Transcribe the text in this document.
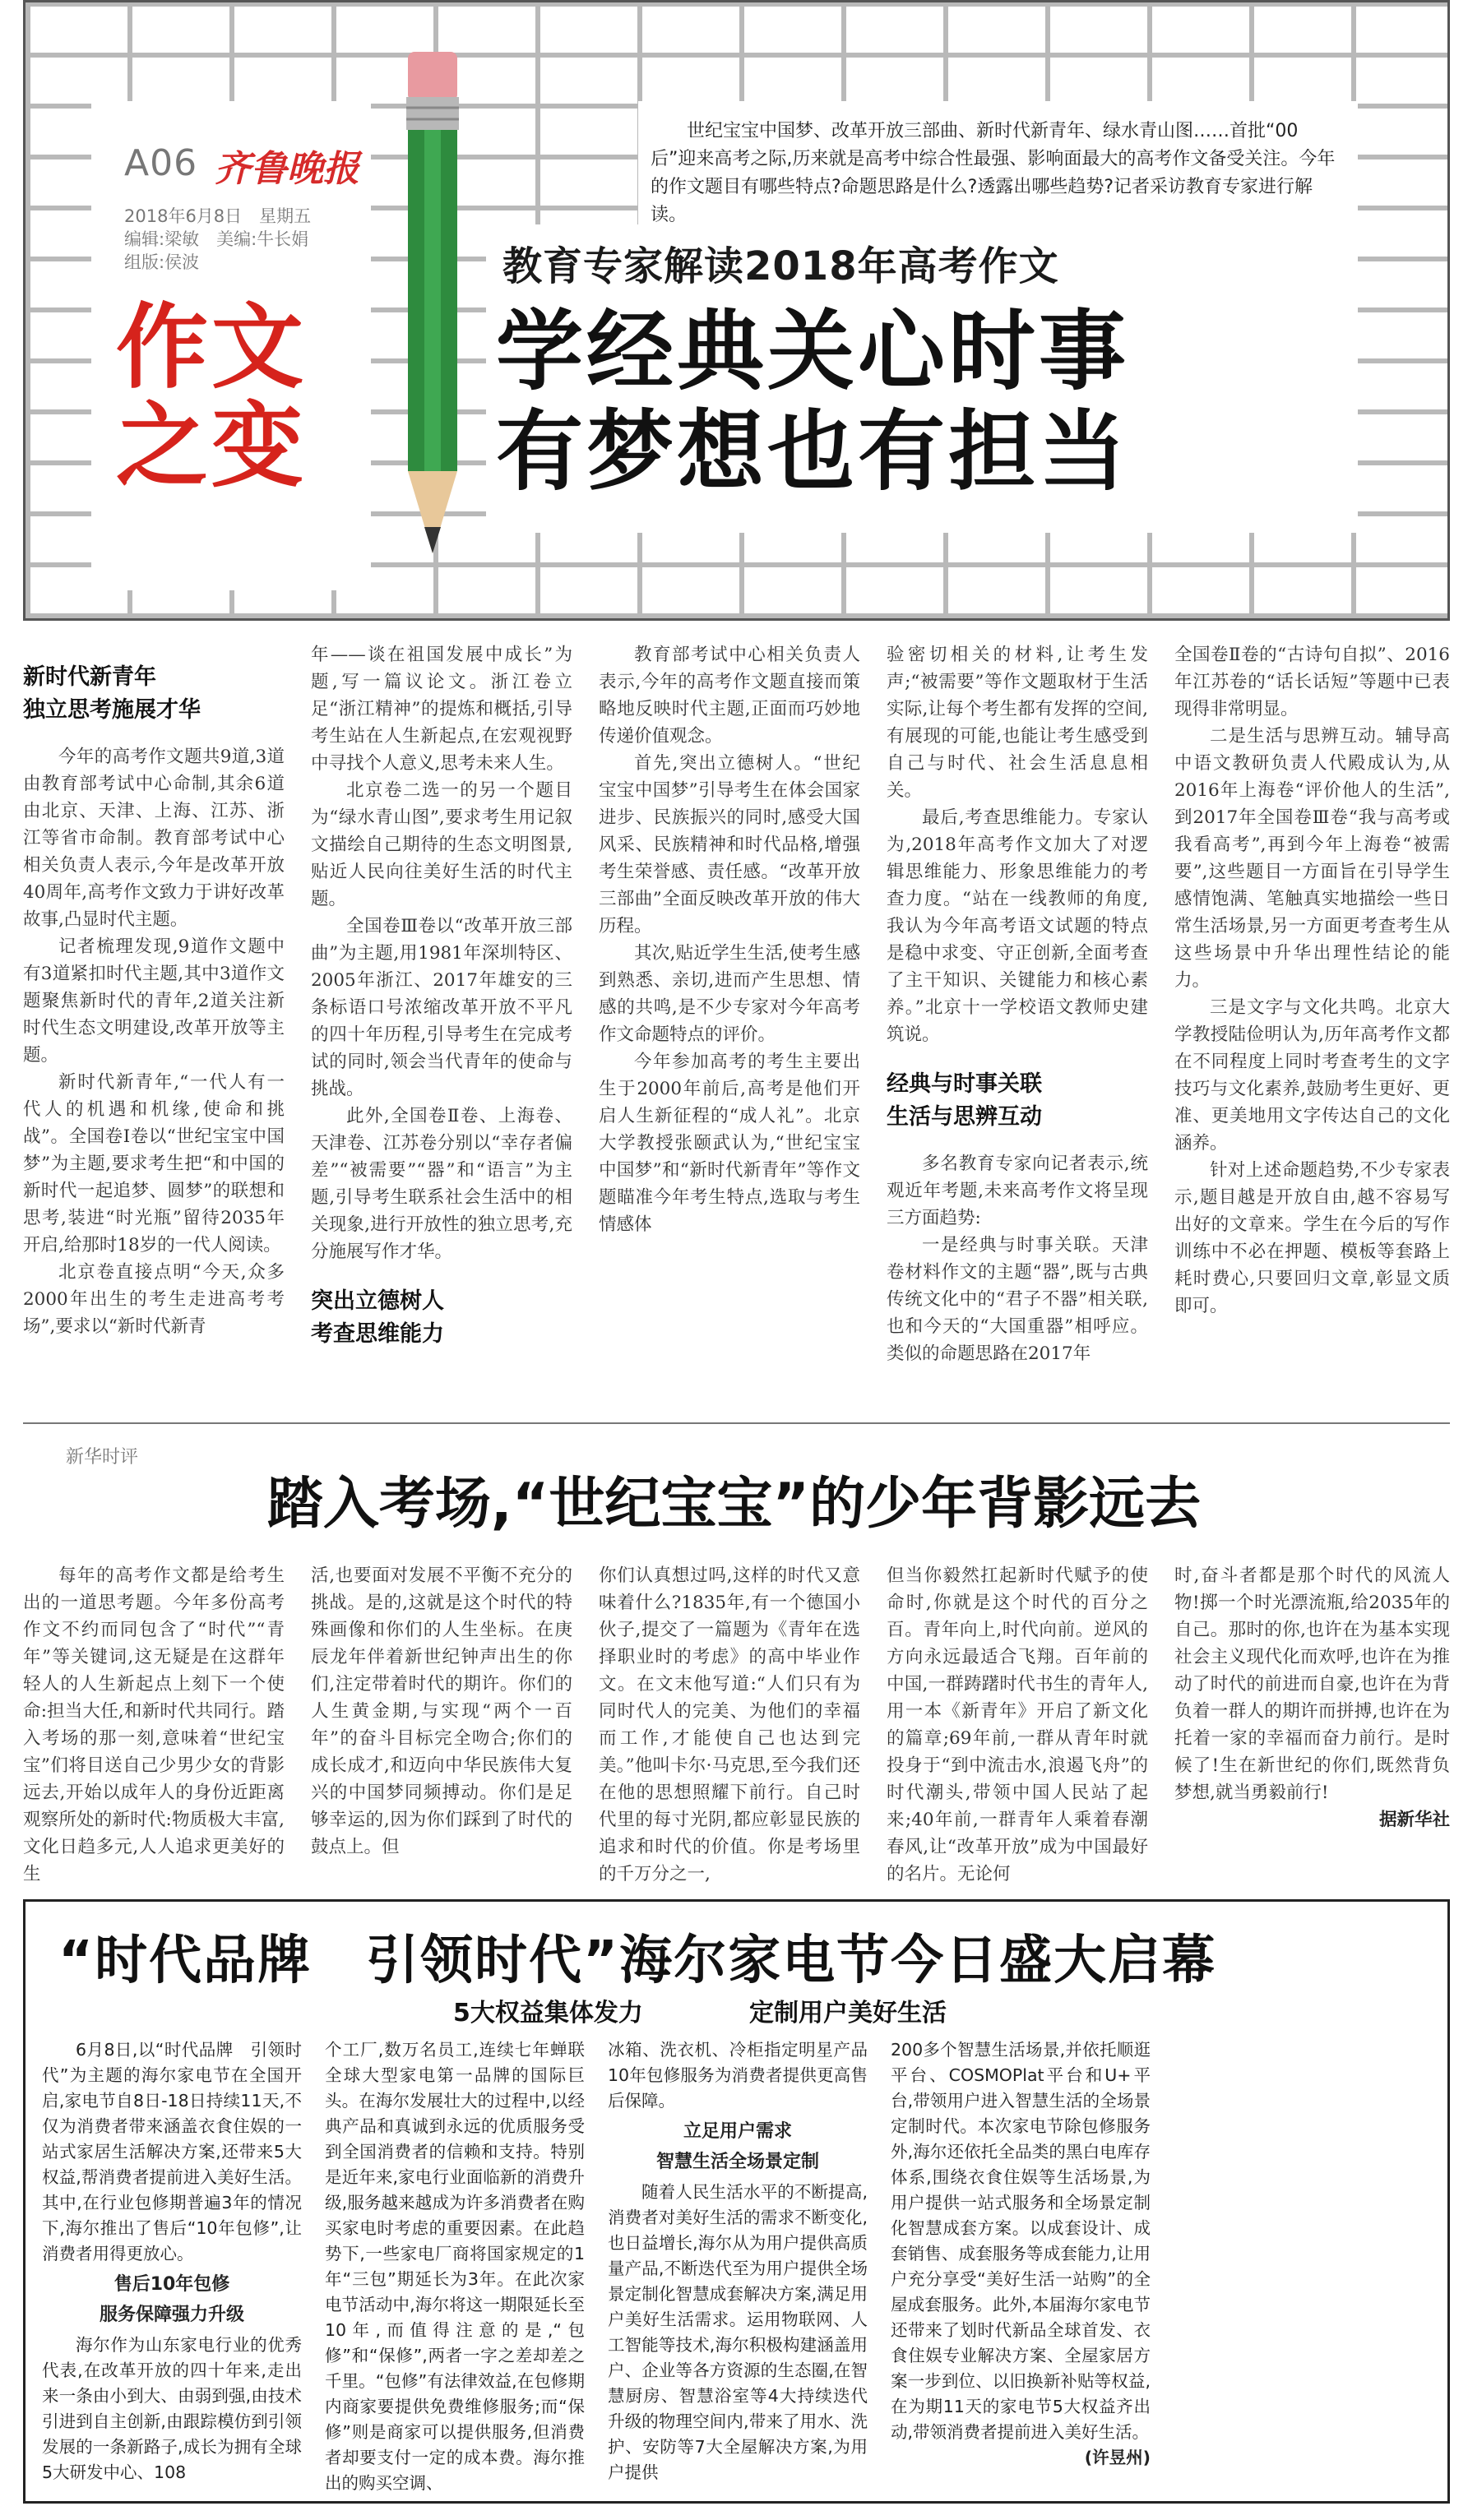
A06 齐鲁晚报
2018年6月8日　星期五
编辑:梁敏　美编:牛长娟
组版:侯波
作文
之变
世纪宝宝中国梦、改革开放三部曲、新时代新青年、绿水青山图……首批“00后”迎来高考之际,历来就是高考中综合性最强、影响面最大的高考作文备受关注。今年的作文题目有哪些特点?命题思路是什么?透露出哪些趋势?记者采访教育专家进行解读。
教育专家解读2018年高考作文
学经典关心时事
有梦想也有担当
新时代新青年
独立思考施展才华

今年的高考作文题共9道,3道由教育部考试中心命制,其余6道由北京、天津、上海、江苏、浙江等省市命制。教育部考试中心相关负责人表示,今年是改革开放40周年,高考作文致力于讲好改革故事,凸显时代主题。

记者梳理发现,9道作文题中有3道紧扣时代主题,其中3道作文题聚焦新时代的青年,2道关注新时代生态文明建设,改革开放等主题。

新时代新青年,“一代人有一代人的机遇和机缘,使命和挑战”。全国卷Ⅰ卷以“世纪宝宝中国梦”为主题,要求考生把“和中国的新时代一起追梦、圆梦”的联想和思考,装进“时光瓶”留待2035年开启,给那时18岁的一代人阅读。

北京卷直接点明“今天,众多2000年出生的考生走进高考考场”,要求以“新时代新青

年——谈在祖国发展中成长”为题,写一篇议论文。浙江卷立足“浙江精神”的提炼和概括,引导考生站在人生新起点,在宏观视野中寻找个人意义,思考未来人生。

北京卷二选一的另一个题目为“绿水青山图”,要求考生用记叙文描绘自己期待的生态文明图景,贴近人民向往美好生活的时代主题。

全国卷Ⅲ卷以“改革开放三部曲”为主题,用1981年深圳特区、2005年浙江、2017年雄安的三条标语口号浓缩改革开放不平凡的四十年历程,引导考生在完成考试的同时,领会当代青年的使命与挑战。

此外,全国卷Ⅱ卷、上海卷、天津卷、江苏卷分别以“幸存者偏差”“被需要”“器”和“语言”为主题,引导考生联系社会生活中的相关现象,进行开放性的独立思考,充分施展写作才华。

突出立德树人
考查思维能力

教育部考试中心相关负责人表示,今年的高考作文题直接而策略地反映时代主题,正面而巧妙地传递价值观念。

首先,突出立德树人。“世纪宝宝中国梦”引导考生在体会国家进步、民族振兴的同时,感受大国风采、民族精神和时代品格,增强考生荣誉感、责任感。“改革开放三部曲”全面反映改革开放的伟大历程。

其次,贴近学生生活,使考生感到熟悉、亲切,进而产生思想、情感的共鸣,是不少专家对今年高考作文命题特点的评价。

今年参加高考的考生主要出生于2000年前后,高考是他们开启人生新征程的“成人礼”。北京大学教授张颐武认为,“世纪宝宝中国梦”和“新时代新青年”等作文题瞄准今年考生特点,选取与考生情感体

验密切相关的材料,让考生发声;“被需要”等作文题取材于生活实际,让每个考生都有发挥的空间,有展现的可能,也能让考生感受到自己与时代、社会生活息息相关。

最后,考查思维能力。专家认为,2018年高考作文加大了对逻辑思维能力、形象思维能力的考查力度。“站在一线教师的角度,我认为今年高考语文试题的特点是稳中求变、守正创新,全面考查了主干知识、关键能力和核心素养。”北京十一学校语文教师史建筑说。

经典与时事关联
生活与思辨互动

多名教育专家向记者表示,统观近年考题,未来高考作文将呈现三方面趋势:

一是经典与时事关联。天津卷材料作文的主题“器”,既与古典传统文化中的“君子不器”相关联,也和今天的“大国重器”相呼应。类似的命题思路在2017年

全国卷Ⅱ卷的“古诗句自拟”、2016年江苏卷的“话长话短”等题中已表现得非常明显。

二是生活与思辨互动。辅导高中语文教研负责人代殿成认为,从2016年上海卷“评价他人的生活”,到2017年全国卷Ⅲ卷“我与高考或我看高考”,再到今年上海卷“被需要”,这些题目一方面旨在引导学生感情饱满、笔触真实地描绘一些日常生活场景,另一方面更考查考生从这些场景中升华出理性结论的能力。

三是文字与文化共鸣。北京大学教授陆俭明认为,历年高考作文都在不同程度上同时考查考生的文字技巧与文化素养,鼓励考生更好、更准、更美地用文字传达自己的文化涵养。

针对上述命题趋势,不少专家表示,题目越是开放自由,越不容易写出好的文章来。学生在今后的写作训练中不必在押题、模板等套路上耗时费心,只要回归文章,彰显文质即可。

新华时评
踏入考场,“世纪宝宝”的少年背影远去

每年的高考作文都是给考生出的一道思考题。今年多份高考作文不约而同包含了“时代”“青年”等关键词,这无疑是在这群年轻人的人生新起点上刻下一个使命:担当大任,和新时代共同行。踏入考场的那一刻,意味着“世纪宝宝”们将目送自己少男少女的背影远去,开始以成年人的身份近距离观察所处的新时代:物质极大丰富,文化日趋多元,人人追求更美好的生

活,也要面对发展不平衡不充分的挑战。是的,这就是这个时代的特殊画像和你们的人生坐标。在庚辰龙年伴着新世纪钟声出生的你们,注定带着时代的期许。你们的人生黄金期,与实现“两个一百年”的奋斗目标完全吻合;你们的成长成才,和迈向中华民族伟大复兴的中国梦同频搏动。你们是足够幸运的,因为你们踩到了时代的鼓点上。但

你们认真想过吗,这样的时代又意味着什么?1835年,有一个德国小伙子,提交了一篇题为《青年在选择职业时的考虑》的高中毕业作文。在文末他写道:“人们只有为同时代人的完美、为他们的幸福而工作,才能使自己也达到完美。”他叫卡尔·马克思,至今我们还在他的思想照耀下前行。自己时代里的每寸光阴,都应彰显民族的追求和时代的价值。你是考场里的千万分之一,

但当你毅然扛起新时代赋予的使命时,你就是这个时代的百分之百。青年向上,时代向前。逆风的方向永远最适合飞翔。百年前的中国,一群踌躇时代书生的青年人,用一本《新青年》开启了新文化的篇章;69年前,一群从青年时就投身于“到中流击水,浪遏飞舟”的时代潮头,带领中国人民站了起来;40年前,一群青年人乘着春潮春风,让“改革开放”成为中国最好的名片。无论何

时,奋斗者都是那个时代的风流人物!掷一个时光漂流瓶,给2035年的自己。那时的你,也许在为基本实现社会主义现代化而欢呼,也许在为推动了时代的前进而自豪,也许在为背负着一群人的期许而拼搏,也许在为托着一家的幸福而奋力前行。是时候了!生在新世纪的你们,既然背负梦想,就当勇毅前行!

据新华社
“时代品牌　引领时代”海尔家电节今日盛大启幕
5大权益集体发力	定制用户美好生活

6月8日,以“时代品牌　引领时代”为主题的海尔家电节在全国开启,家电节自8日-18日持续11天,不仅为消费者带来涵盖衣食住娱的一站式家居生活解决方案,还带来5大权益,帮消费者提前进入美好生活。其中,在行业包修期普遍3年的情况下,海尔推出了售后“10年包修”,让消费者用得更放心。

售后10年包修

服务保障强力升级

海尔作为山东家电行业的优秀代表,在改革开放的四十年来,走出来一条由小到大、由弱到强,由技术引进到自主创新,由跟踪模仿到引领发展的一条新路子,成长为拥有全球5大研发中心、108

个工厂,数万名员工,连续七年蝉联全球大型家电第一品牌的国际巨头。在海尔发展壮大的过程中,以经典产品和真诚到永远的优质服务受到全国消费者的信赖和支持。特别是近年来,家电行业面临新的消费升级,服务越来越成为许多消费者在购买家电时考虑的重要因素。在此趋势下,一些家电厂商将国家规定的1年“三包”期延长为3年。在此次家电节活动中,海尔将这一期限延长至10年,而值得注意的是,“包修”和“保修”,两者一字之差却差之千里。“包修”有法律效益,在包修期内商家要提供免费维修服务;而“保修”则是商家可以提供服务,但消费者却要支付一定的成本费。海尔推出的购买空调、

冰箱、洗衣机、冷柜指定明星产品10年包修服务为消费者提供更高售后保障。

立足用户需求

智慧生活全场景定制

随着人民生活水平的不断提高,消费者对美好生活的需求不断变化,也日益增长,海尔从为用户提供高质量产品,不断迭代至为用户提供全场景定制化智慧成套解决方案,满足用户美好生活需求。运用物联网、人工智能等技术,海尔积极构建涵盖用户、企业等各方资源的生态圈,在智慧厨房、智慧浴室等4大持续迭代升级的物理空间内,带来了用水、洗护、安防等7大全屋解决方案,为用户提供

200多个智慧生活场景,并依托顺逛平台、COSMOPlat平台和U+平台,带领用户进入智慧生活的全场景定制时代。本次家电节除包修服务外,海尔还依托全品类的黑白电库存体系,围绕衣食住娱等生活场景,为用户提供一站式服务和全场景定制化智慧成套方案。以成套设计、成套销售、成套服务等成套能力,让用户充分享受“美好生活一站购”的全屋成套服务。此外,本届海尔家电节还带来了划时代新品全球首发、衣食住娱专业解决方案、全屋家居方案一步到位、以旧换新补贴等权益,在为期11天的家电节5大权益齐出动,带领消费者提前进入美好生活。

(许昱州)
